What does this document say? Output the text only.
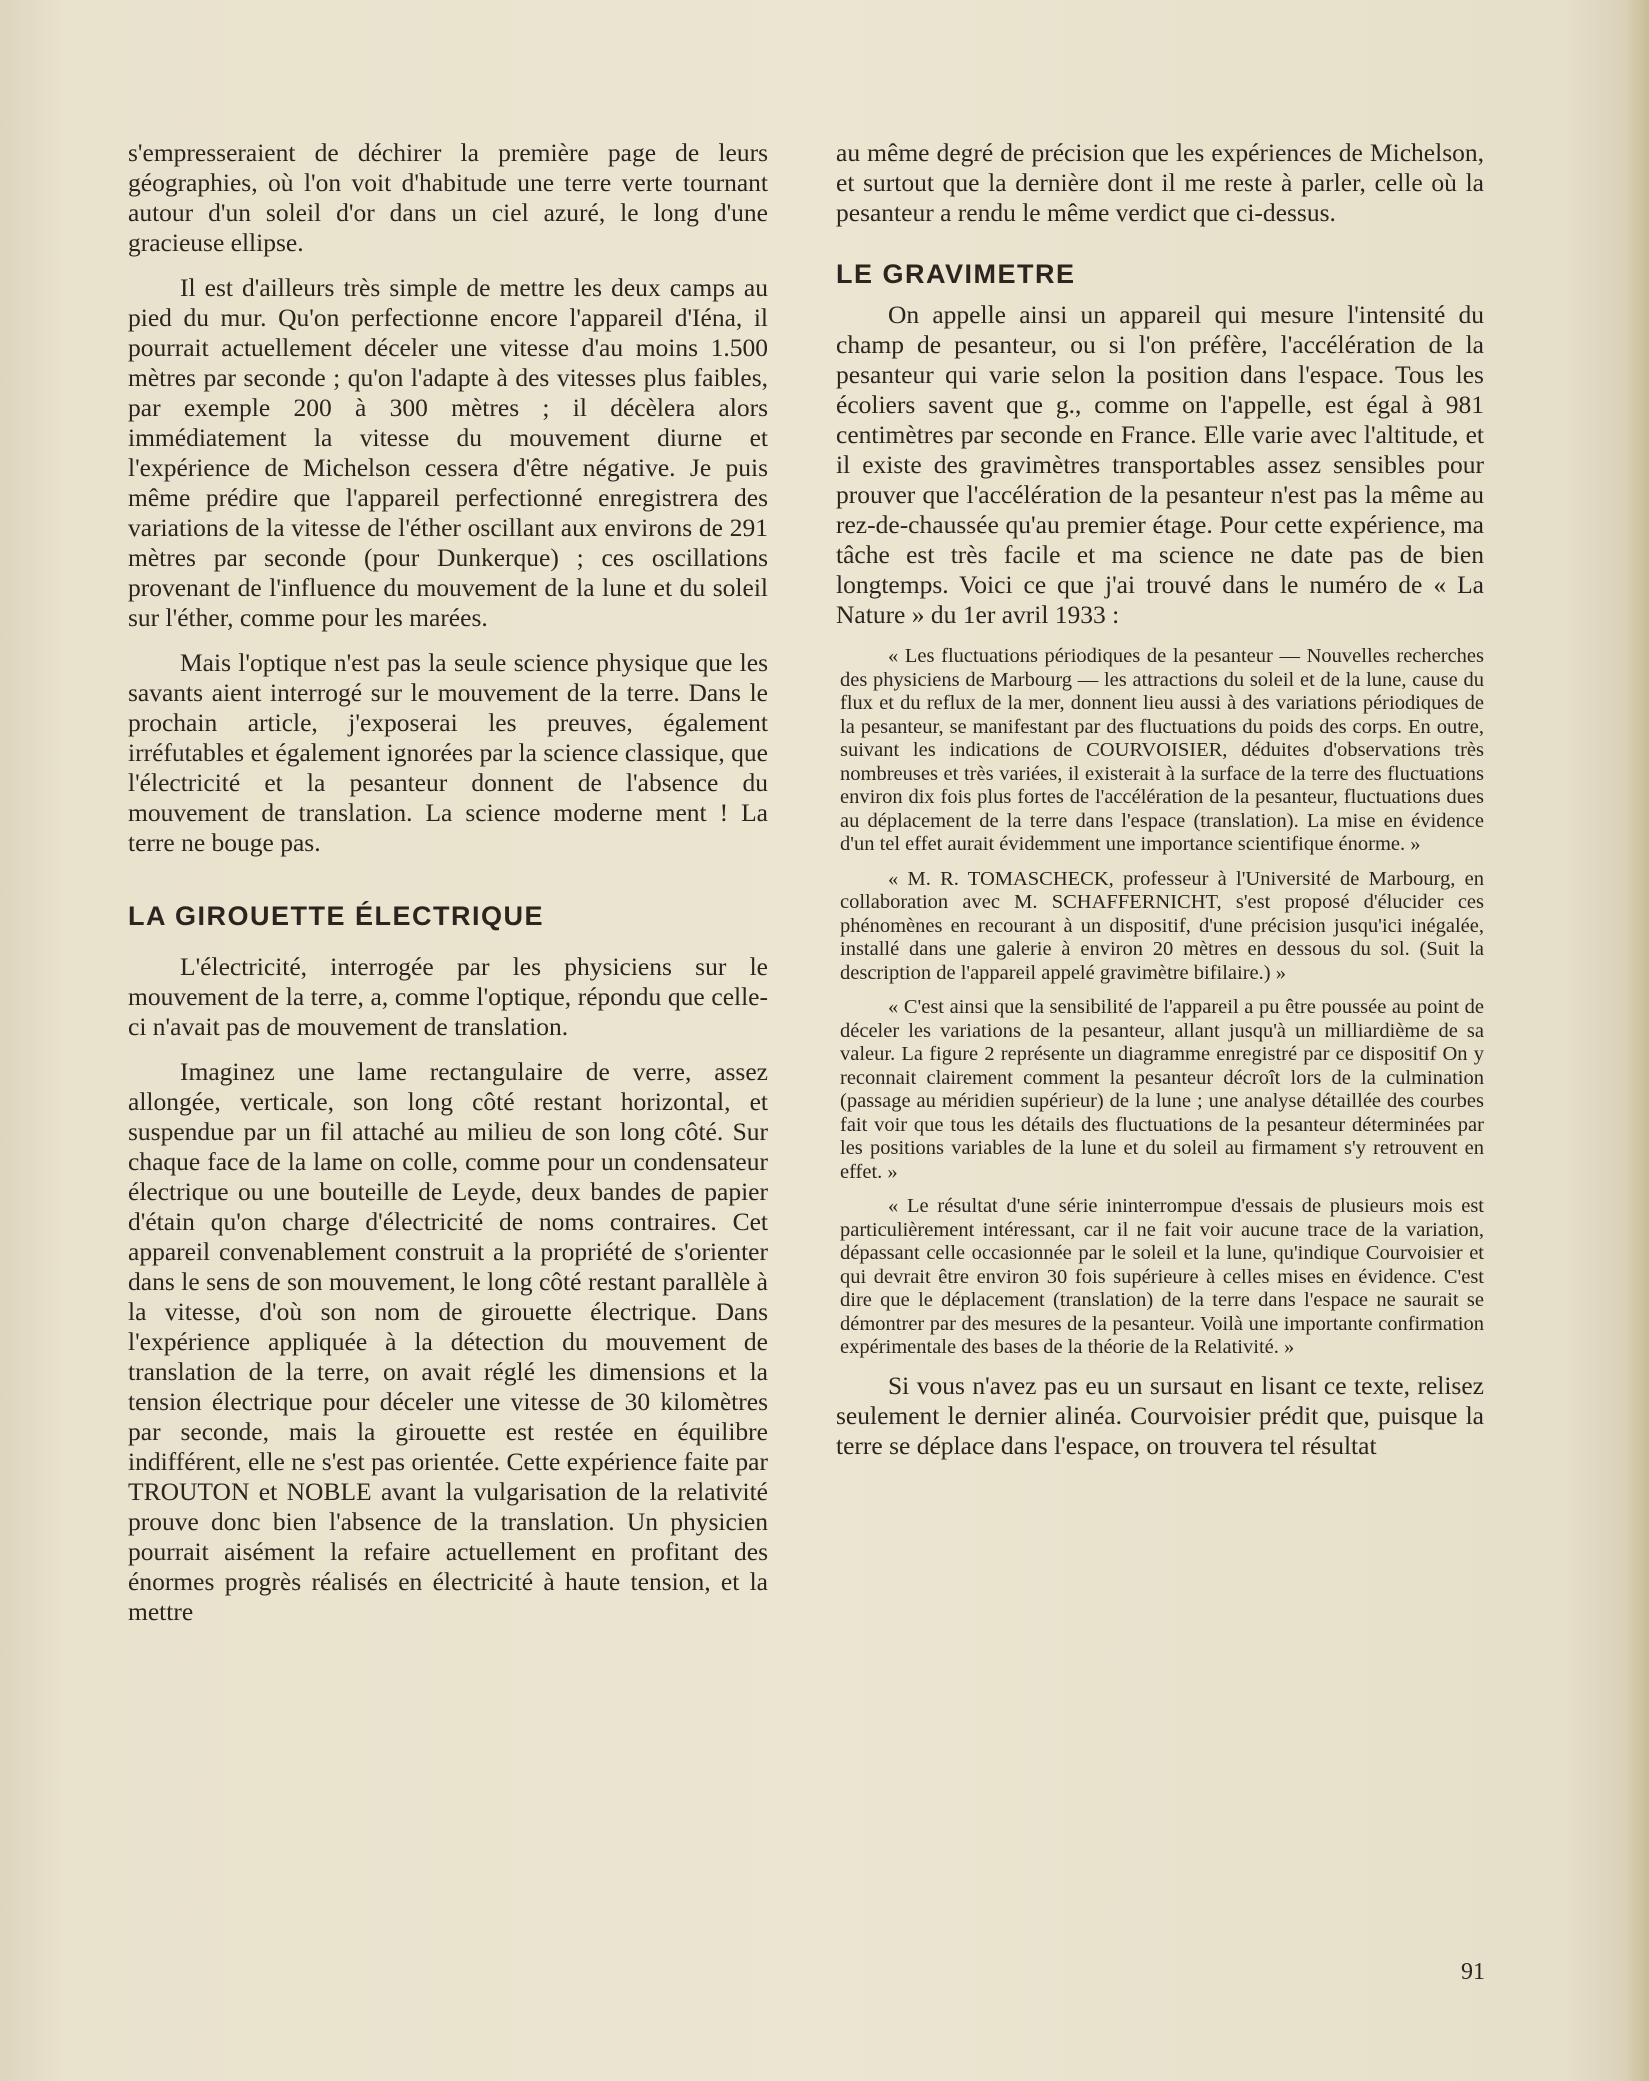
s'empresseraient de déchirer la première page de leurs géographies, où l'on voit d'habitude une terre verte tournant autour d'un soleil d'or dans un ciel azuré, le long d'une gracieuse ellipse.

Il est d'ailleurs très simple de mettre les deux camps au pied du mur. Qu'on perfectionne encore l'appareil d'Iéna, il pourrait actuellement déceler une vitesse d'au moins 1.500 mètres par seconde ; qu'on l'adapte à des vitesses plus faibles, par exemple 200 à 300 mètres ; il décèlera alors immédiatement la vitesse du mouvement diurne et l'expérience de Michelson cessera d'être négative. Je puis même prédire que l'appareil perfectionné enregistrera des variations de la vitesse de l'éther oscillant aux environs de 291 mètres par seconde (pour Dunkerque) ; ces oscillations provenant de l'influence du mouvement de la lune et du soleil sur l'éther, comme pour les marées.

Mais l'optique n'est pas la seule science physique que les savants aient interrogé sur le mouvement de la terre. Dans le prochain article, j'exposerai les preuves, également irréfutables et également ignorées par la science classique, que l'électricité et la pesanteur donnent de l'absence du mouvement de translation. La science moderne ment ! La terre ne bouge pas.

LA GIROUETTE ÉLECTRIQUE

L'électricité, interrogée par les physiciens sur le mouvement de la terre, a, comme l'optique, répondu que celle-ci n'avait pas de mouvement de translation.

Imaginez une lame rectangulaire de verre, assez allongée, verticale, son long côté restant horizontal, et suspendue par un fil attaché au milieu de son long côté. Sur chaque face de la lame on colle, comme pour un condensateur électrique ou une bouteille de Leyde, deux bandes de papier d'étain qu'on charge d'électricité de noms contraires. Cet appareil convenablement construit a la propriété de s'orienter dans le sens de son mouvement, le long côté restant parallèle à la vitesse, d'où son nom de girouette électrique. Dans l'expérience appliquée à la détection du mouvement de translation de la terre, on avait réglé les dimensions et la tension électrique pour déceler une vitesse de 30 kilomètres par seconde, mais la girouette est restée en équilibre indifférent, elle ne s'est pas orientée. Cette expérience faite par TROUTON et NOBLE avant la vulgarisation de la relativité prouve donc bien l'absence de la translation. Un physicien pourrait aisément la refaire actuellement en profitant des énormes progrès réalisés en électricité à haute tension, et la mettre

au même degré de précision que les expériences de Michelson, et surtout que la dernière dont il me reste à parler, celle où la pesanteur a rendu le même verdict que ci-dessus.

LE GRAVIMETRE

On appelle ainsi un appareil qui mesure l'intensité du champ de pesanteur, ou si l'on préfère, l'accélération de la pesanteur qui varie selon la position dans l'espace. Tous les écoliers savent que g., comme on l'appelle, est égal à 981 centimètres par seconde en France. Elle varie avec l'altitude, et il existe des gravimètres transportables assez sensibles pour prouver que l'accélération de la pesanteur n'est pas la même au rez-de-chaussée qu'au premier étage. Pour cette expérience, ma tâche est très facile et ma science ne date pas de bien longtemps. Voici ce que j'ai trouvé dans le numéro de « La Nature » du 1er avril 1933 :

« Les fluctuations périodiques de la pesanteur — Nouvelles recherches des physiciens de Marbourg — les attractions du soleil et de la lune, cause du flux et du reflux de la mer, donnent lieu aussi à des variations périodiques de la pesanteur, se manifestant par des fluctuations du poids des corps. En outre, suivant les indications de COURVOISIER, déduites d'observations très nombreuses et très variées, il existerait à la surface de la terre des fluctuations environ dix fois plus fortes de l'accélération de la pesanteur, fluctuations dues au déplacement de la terre dans l'espace (translation). La mise en évidence d'un tel effet aurait évidemment une importance scientifique énorme. »
« M. R. TOMASCHECK, professeur à l'Université de Marbourg, en collaboration avec M. SCHAFFERNICHT, s'est proposé d'élucider ces phénomènes en recourant à un dispositif, d'une précision jusqu'ici inégalée, installé dans une galerie à environ 20 mètres en dessous du sol. (Suit la description de l'appareil appelé gravimètre bifilaire.) »
« C'est ainsi que la sensibilité de l'appareil a pu être poussée au point de déceler les variations de la pesanteur, allant jusqu'à un milliardième de sa valeur. La figure 2 représente un diagramme enregistré par ce dispositif On y reconnait clairement comment la pesanteur décroît lors de la culmination (passage au méridien supérieur) de la lune ; une analyse détaillée des courbes fait voir que tous les détails des fluctuations de la pesanteur déterminées par les positions variables de la lune et du soleil au firmament s'y retrouvent en effet. »
« Le résultat d'une série ininterrompue d'essais de plusieurs mois est particulièrement intéressant, car il ne fait voir aucune trace de la variation, dépassant celle occasionnée par le soleil et la lune, qu'indique Courvoisier et qui devrait être environ 30 fois supérieure à celles mises en évidence. C'est dire que le déplacement (translation) de la terre dans l'espace ne saurait se démontrer par des mesures de la pesanteur. Voilà une importante confirmation expérimentale des bases de la théorie de la Relativité. »

Si vous n'avez pas eu un sursaut en lisant ce texte, relisez seulement le dernier alinéa. Courvoisier prédit que, puisque la terre se déplace dans l'espace, on trouvera tel résultat

91
